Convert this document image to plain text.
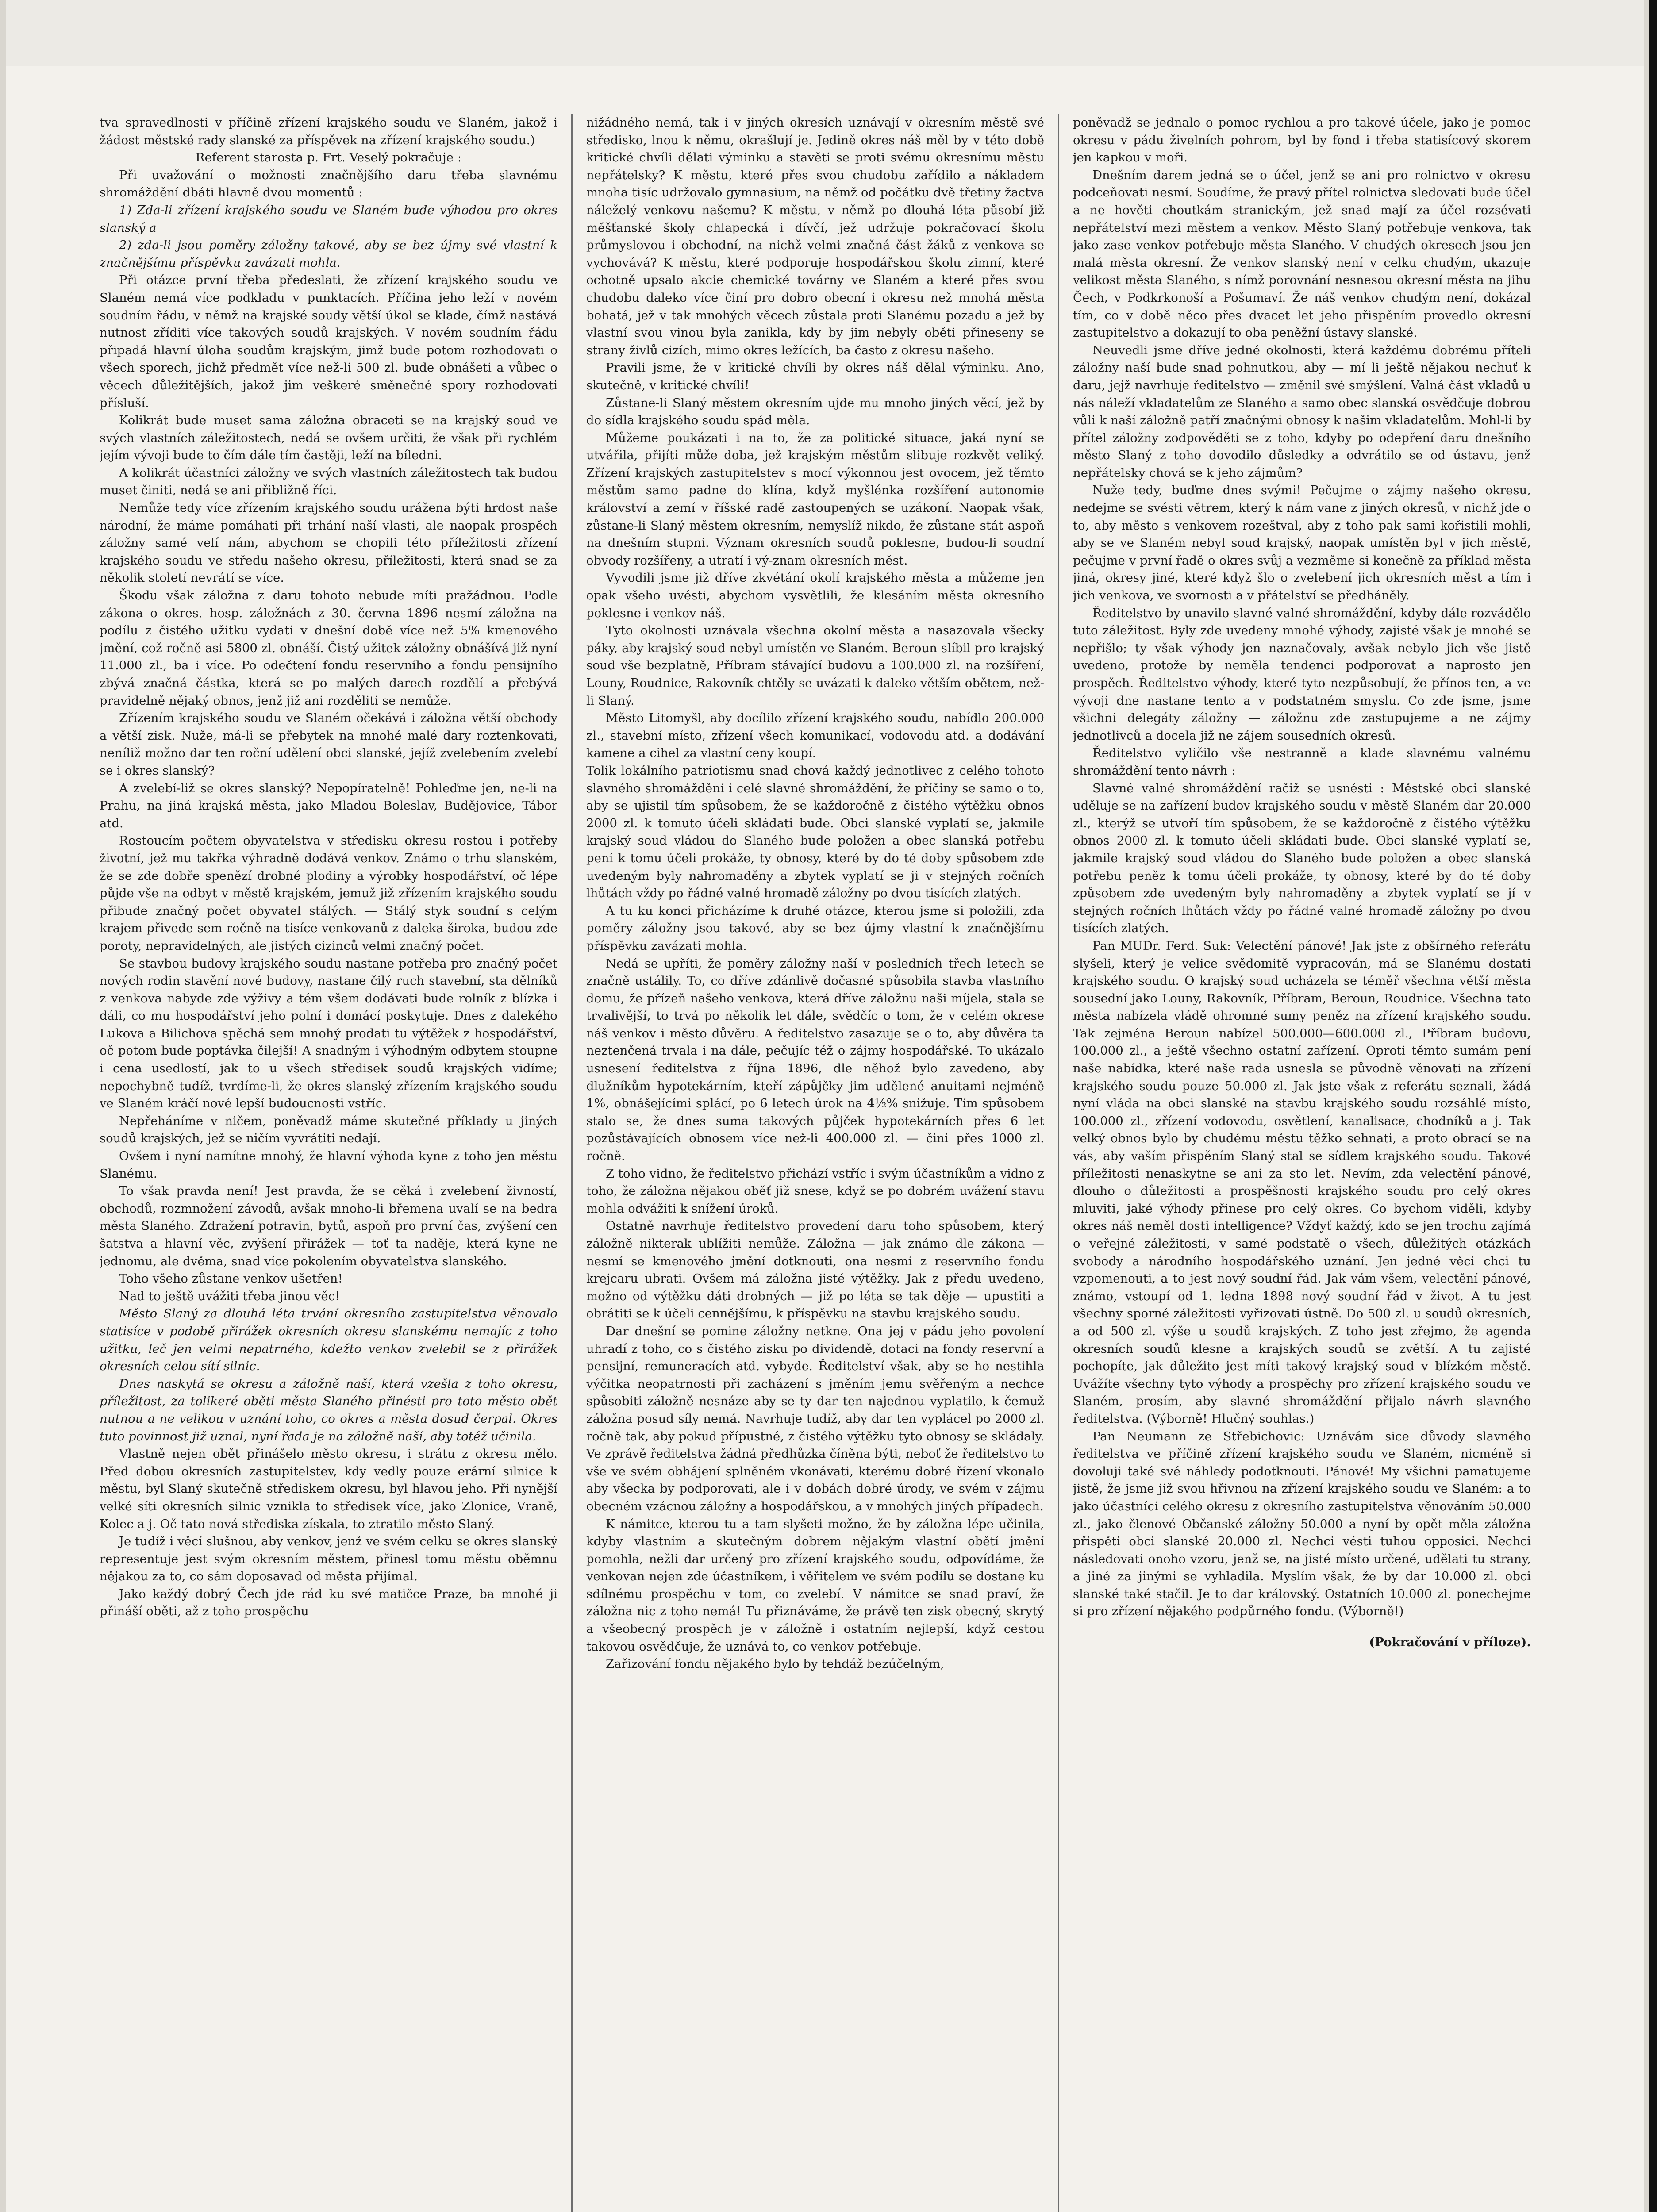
tva spravedlnosti v příčině zřízení krajského soudu ve Slaném, jakož i žádost městské rady slanské za příspěvek na zřízení krajského soudu.)

Referent starosta p. Frt. Veselý pokračuje :

Při uvažování o možnosti značnějšího daru třeba slavnému shromáždění dbáti hlavně dvou momentů :

1) Zda-li zřízení krajského soudu ve Slaném bude výhodou pro okres slanský a

2) zda-li jsou poměry záložny takové, aby se bez újmy své vlastní k značnějšímu příspěvku zavázati mohla.

Při otázce první třeba předeslati, že zřízení krajského soudu ve Slaném nemá více podkladu v punktacích. Příčina jeho leží v novém soudním řádu, v němž na krajské soudy větší úkol se klade, čímž nastává nutnost zříditi více takových soudů krajských. V novém soudním řádu připadá hlavní úloha soudům krajským, jimž bude potom rozhodovati o všech sporech, jichž předmět více než-li 500 zl. bude obnášeti a vůbec o věcech důležitějších, jakož jim veškeré směnečné spory rozhodovati přísluší.

Kolikrát bude muset sama záložna obraceti se na krajský soud ve svých vlastních záležitostech, nedá se ovšem určiti, že však při rychlém jejím vývoji bude to čím dále tím častěji, leží na bíledni.

A kolikrát účastníci záložny ve svých vlastních záležitostech tak budou muset činiti, nedá se ani přibližně říci.

Nemůže tedy více zřízením krajského soudu urážena býti hrdost naše národní, že máme pomáhati při trhání naší vlasti, ale naopak prospěch záložny samé velí nám, abychom se chopili této příležitosti zřízení krajského soudu ve středu našeho okresu, příležitosti, která snad se za několik století nevrátí se více.

Škodu však záložna z daru tohoto nebude míti pražádnou. Podle zákona o okres. hosp. záložnách z 30. června 1896 nesmí záložna na podílu z čistého užitku vydati v dnešní době více než 5% kmenového jmění, což ročně asi 5800 zl. obnáší. Čistý užitek záložny obnášívá již nyní 11.000 zl., ba i více. Po odečtení fondu reservního a fondu pensijního zbývá značná částka, která se po malých darech rozdělí a přebývá pravidelně nějaký obnos, jenž již ani rozděliti se nemůže.

Zřízením krajského soudu ve Slaném očekává i záložna větší obchody a větší zisk. Nuže, má-li se přebytek na mnohé malé dary roztenkovati, neníliž možno dar ten roční udělení obci slanské, jejíž zvelebením zvelebí se i okres slanský?

A zvelebí-liž se okres slanský? Nepopíratelně! Pohleďme jen, ne-li na Prahu, na jiná krajská města, jako Mladou Boleslav, Budějovice, Tábor atd.

Rostoucím počtem obyvatelstva v středisku okresu rostou i potřeby životní, jež mu takřka výhradně dodává venkov. Známo o trhu slanském, že se zde dobře spenězí drobné plodiny a výrobky hospodářství, oč lépe půjde vše na odbyt v městě krajském, jemuž již zřízením krajského soudu přibude značný počet obyvatel stálých. — Stálý styk soudní s celým krajem přivede sem ročně na tisíce venkovanů z daleka široka, budou zde poroty, nepravidelných, ale jistých cizinců velmi značný počet.

Se stavbou budovy krajského soudu nastane potřeba pro značný počet nových rodin stavění nové budovy, nastane čilý ruch stavební, sta dělníků z venkova nabyde zde výživy a tém všem dodávati bude rolník z blízka i dáli, co mu hospodářství jeho polní i domácí poskytuje. Dnes z dalekého Lukova a Bilichova spěchá sem mnohý prodati tu výtěžek z hospodářství, oč potom bude poptávka čilejší! A snadným i výhodným odbytem stoupne i cena usedlostí, jak to u všech středisek soudů krajských vidíme; nepochybně tudíž, tvrdíme-li, že okres slanský zřízením krajského soudu ve Slaném kráčí nové lepší budoucnosti vstříc.

Nepřeháníme v ničem, poněvadž máme skutečné příklady u jiných soudů krajských, jež se ničím vyvrátiti nedají.

Ovšem i nyní namítne mnohý, že hlavní výhoda kyne z toho jen městu Slanému.

To však pravda není! Jest pravda, že se cěká i zvelebení živností, obchodů, rozmnožení závodů, avšak mnoho-li břemena uvalí se na bedra města Slaného. Zdražení potravin, bytů, aspoň pro první čas, zvýšení cen šatstva a hlavní věc, zvýšení přirážek — toť ta naděje, která kyne ne jednomu, ale dvěma, snad více pokolením obyvatelstva slanského.

Toho všeho zůstane venkov ušetřen!

Nad to ještě uvážiti třeba jinou věc!

Město Slaný za dlouhá léta trvání okresního zastupitelstva věnovalo statisíce v podobě přirážek okresních okresu slanskému nemajíc z toho užitku, leč jen velmi nepatrného, kdežto venkov zvelebil se z přirážek okresních celou sítí silnic.

Dnes naskytá se okresu a záložně naší, která vzešla z toho okresu, příležitost, za tolikeré oběti města Slaného přinésti pro toto město obět nutnou a ne velikou v uznání toho, co okres a města dosud čerpal. Okres tuto povinnost již uznal, nyní řada je na záložně naší, aby totéž učinila.

Vlastně nejen obět přinášelo město okresu, i strátu z okresu mělo. Před dobou okresních zastupitelstev, kdy vedly pouze erární silnice k městu, byl Slaný skutečně střediskem okresu, byl hlavou jeho. Při nynější velké síti okresních silnic vznikla to středisek více, jako Zlonice, Vraně, Kolec a j. Oč tato nová střediska získala, to ztratilo město Slaný.

Je tudíž i věcí slušnou, aby venkov, jenž ve svém celku se okres slanský representuje jest svým okresním městem, přinesl tomu městu oběmnu nějakou za to, co sám doposavad od města přijímal.

Jako každý dobrý Čech jde rád ku své matičce Praze, ba mnohé ji přináší oběti, až z toho prospěchu

nižádného nemá, tak i v jiných okresích uznávají v okresním městě své středisko, lnou k němu, okrašlují je. Jedině okres náš měl by v této době kritické chvíli dělati výminku a stavěti se proti svému okresnímu městu nepřátelsky? K městu, které přes svou chudobu zařídilo a nákladem mnoha tisíc udržovalo gymnasium, na němž od počátku dvě třetiny žactva náleželý venkovu našemu? K městu, v němž po dlouhá léta působí již měšťanské školy chlapecká i dívčí, jež udržuje pokračovací školu průmyslovou i obchodní, na nichž velmi značná část žáků z venkova se vychovává? K městu, které podporuje hospodářskou školu zimní, které ochotně upsalo akcie chemické továrny ve Slaném a které přes svou chudobu daleko více činí pro dobro obecní i okresu než mnohá města bohatá, jež v tak mnohých věcech zůstala proti Slanému pozadu a jež by vlastní svou vinou byla zanikla, kdy by jim nebyly oběti přineseny se strany živlů cizích, mimo okres ležících, ba často z okresu našeho.

Pravili jsme, že v kritické chvíli by okres náš dělal výminku. Ano, skutečně, v kritické chvíli!

Zůstane-li Slaný městem okresním ujde mu mnoho jiných věcí, jež by do sídla krajského soudu spád měla.

Můžeme poukázati i na to, že za politické situace, jaká nyní se utvářila, přijíti může doba, jež krajským městům slibuje rozkvět veliký. Zřízení krajských zastupitelstev s mocí výkonnou jest ovocem, jež těmto městům samo padne do klína, když myšlénka rozšíření autonomie království a zemí v říšské radě zastoupených se uzákoní. Naopak však, zůstane-li Slaný městem okresním, nemyslíž nikdo, že zůstane stát aspoň na dnešním stupni. Význam okresních soudů poklesne, budou-li soudní obvody rozšířeny, a utratí i vý-znam okresních měst.

Vyvodili jsme již dříve zkvétání okolí krajského města a můžeme jen opak všeho uvésti, abychom vysvětlili, že klesáním města okresního poklesne i venkov náš.

Tyto okolnosti uznávala všechna okolní města a nasazovala všecky páky, aby krajský soud nebyl umístěn ve Slaném. Beroun slíbil pro krajský soud vše bezplatně, Příbram stávající budovu a 100.000 zl. na rozšíření, Louny, Roudnice, Rakovník chtěly se uvázati k daleko větším obětem, než-li Slaný.

Město Litomyšl, aby docílilo zřízení krajského soudu, nabídlo 200.000 zl., stavební místo, zřízení všech komunikací, vodovodu atd. a dodávání kamene a cihel za vlastní ceny koupí.

Tolik lokálního patriotismu snad chová každý jednotlivec z celého tohoto slavného shromáždění i celé slavné shromáždění, že příčiny se samo o to, aby se ujistil tím spůsobem, že se každoročně z čistého výtěžku obnos 2000 zl. k tomuto účeli skládati bude. Obci slanské vyplatí se, jakmile krajský soud vládou do Slaného bude položen a obec slanská potřebu pení k tomu účeli prokáže, ty obnosy, které by do té doby spůsobem zde uvedeným byly nahromaděny a zbytek vyplatí se ji v stejných ročních lhůtách vždy po řádné valné hromadě záložny po dvou tisících zlatých.

A tu ku konci přicházíme k druhé otázce, kterou jsme si položili, zda poměry záložny jsou takové, aby se bez újmy vlastní k značnějšímu příspěvku zavázati mohla.

Nedá se upříti, že poměry záložny naší v posledních třech letech se značně ustálily. To, co dříve zdánlivě dočasné spůsobila stavba vlastního domu, že přízeň našeho venkova, která dříve záložnu naši míjela, stala se trvalivější, to trvá po několik let dále, svědčíc o tom, že v celém okrese náš venkov i město důvěru. A ředitelstvo zasazuje se o to, aby důvěra ta neztenčená trvala i na dále, pečujíc též o zájmy hospodářské. To ukázalo usnesení ředitelstva z října 1896, dle něhož bylo zavedeno, aby dlužníkům hypotekárním, kteří zápůjčky jim udělené anuitami nejméně 1%, obnášejícími splácí, po 6 letech úrok na 4½% snižuje. Tím spůsobem stalo se, že dnes suma takových půjček hypotekárních přes 6 let pozůstávajících obnosem více než-li 400.000 zl. — čini přes 1000 zl. ročně.

Z toho vidno, že ředitelstvo přichází vstříc i svým účastníkům a vidno z toho, že záložna nějakou oběť již snese, když se po dobrém uvážení stavu mohla odvážiti k snížení úroků.

Ostatně navrhuje ředitelstvo provedení daru toho spůsobem, který záložně nikterak ublížiti nemůže. Záložna — jak známo dle zákona — nesmí se kmenového jmění dotknouti, ona nesmí z reservního fondu krejcaru ubrati. Ovšem má záložna jisté výtěžky. Jak z předu uvedeno, možno od výtěžku dáti drobných — již po léta se tak děje — upustiti a obrátiti se k účeli cennějšímu, k příspěvku na stavbu krajského soudu.

Dar dnešní se pomine záložny netkne. Ona jej v pádu jeho povolení uhradí z toho, co s čistého zisku po dividendě, dotaci na fondy reservní a pensijní, remuneracích atd. vybyde. Ředitelství však, aby se ho nestihla výčitka neopatrnosti při zacházení s jměním jemu svěřeným a nechce spůsobiti záložně nesnáze aby se ty dar ten najednou vyplatilo, k čemuž záložna posud síly nemá. Navrhuje tudíž, aby dar ten vyplácel po 2000 zl. ročně tak, aby pokud přípustné, z čistého výtěžku tyto obnosy se skládaly. Ve zprávě ředitelstva žádná předhůzka číněna býti, neboť že ředitelstvo to vše ve svém obhájení splněném vkonávati, kterému dobré řízení vkonalo aby všecka by podporovati, ale i v dobách dobré úrody, ve svém v zájmu obecném vzácnou záložny a hospodářskou, a v mnohých jiných případech.

K námitce, kterou tu a tam slyšeti možno, že by záložna lépe učinila, kdyby vlastním a skutečným dobrem nějakým vlastní obětí jmění pomohla, nežli dar určený pro zřízení krajského soudu, odpovídáme, že venkovan nejen zde účastníkem, i věřitelem ve svém podílu se dostane ku sdílnému prospěchu v tom, co zvelebí. V námitce se snad praví, že záložna nic z toho nemá! Tu přiznáváme, že právě ten zisk obecný, skrytý a všeobecný prospěch je v záložně i ostatním nejlepší, když cestou takovou osvědčuje, že uznává to, co venkov potřebuje.

Zařizování fondu nějakého bylo by tehdáž bezúčelným,

poněvadž se jednalo o pomoc rychlou a pro takové účele, jako je pomoc okresu v pádu živelních pohrom, byl by fond i třeba statisícový skorem jen kapkou v moři.

Dnešním darem jedná se o účel, jenž se ani pro rolnictvo v okresu podceňovati nesmí. Soudíme, že pravý přítel rolnictva sledovati bude účel a ne hověti choutkám stranickým, jež snad mají za účel rozsévati nepřátelství mezi městem a venkov. Město Slaný potřebuje venkova, tak jako zase venkov potřebuje města Slaného. V chudých okresech jsou jen malá města okresní. Že venkov slanský není v celku chudým, ukazuje velikost města Slaného, s nímž porovnání nesnesou okresní města na jihu Čech, v Podkrkonoší a Pošumaví. Že náš venkov chudým není, dokázal tím, co v době něco přes dvacet let jeho přispěním provedlo okresní zastupitelstvo a dokazují to oba peněžní ústavy slanské.

Neuvedli jsme dříve jedné okolnosti, která každému dobrému příteli záložny naší bude snad pohnutkou, aby — mí li ještě nějakou nechuť k daru, jejž navrhuje ředitelstvo — změnil své smýšlení. Valná část vkladů u nás náleží vkladatelům ze Slaného a samo obec slanská osvědčuje dobrou vůli k naší záložně patří značnými obnosy k našim vkladatelům. Mohl-li by přítel záložny zodpověděti se z toho, kdyby po odepření daru dnešního město Slaný z toho dovodilo důsledky a odvrátilo se od ústavu, jenž nepřátelsky chová se k jeho zájmům?

Nuže tedy, buďme dnes svými! Pečujme o zájmy našeho okresu, nedejme se svésti větrem, který k nám vane z jiných okresů, v nichž jde o to, aby město s venkovem rozeštval, aby z toho pak sami kořistili mohli, aby se ve Slaném nebyl soud krajský, naopak umístěn byl v jich městě, pečujme v první řadě o okres svůj a vezměme si konečně za příklad města jiná, okresy jiné, které když šlo o zvelebení jich okresních měst a tím i jich venkova, ve svornosti a v přátelství se předháněly.

Ředitelstvo by unavilo slavné valné shromáždění, kdyby dále rozvádělo tuto záležitost. Byly zde uvedeny mnohé výhody, zajisté však je mnohé se nepřišlo; ty však výhody jen naznačovaly, avšak nebylo jich vše jistě uvedeno, protože by neměla tendenci podporovat a naprosto jen prospěch. Ředitelstvo výhody, které tyto nezpůsobují, že přínos ten, a ve vývoji dne nastane tento a v podstatném smyslu. Co zde jsme, jsme všichni delegáty záložny — záložnu zde zastupujeme a ne zájmy jednotlivců a docela již ne zájem sousedních okresů.

Ředitelstvo vyličilo vše nestranně a klade slavnému valnému shromáždění tento návrh :

Slavné valné shromáždění račiž se usnésti : Městské obci slanské uděluje se na zařízení budov krajského soudu v městě Slaném dar 20.000 zl., kterýž se utvoří tím spůsobem, že se každoročně z čistého výtěžku obnos 2000 zl. k tomuto účeli skládati bude. Obci slanské vyplatí se, jakmile krajský soud vládou do Slaného bude položen a obec slanská potřebu peněz k tomu účeli prokáže, ty obnosy, které by do té doby způsobem zde uvedeným byly nahromaděny a zbytek vyplatí se jí v stejných ročních lhůtách vždy po řádné valné hromadě záložny po dvou tisících zlatých.

Pan MUDr. Ferd. Suk: Velectění pánové! Jak jste z obšírného referátu slyšeli, který je velice svědomitě vypracován, má se Slanému dostati krajského soudu. O krajský soud ucházela se téměř všechna větší města sousední jako Louny, Rakovník, Příbram, Beroun, Roudnice. Všechna tato města nabízela vládě ohromné sumy peněz na zřízení krajského soudu. Tak zejména Beroun nabízel 500.000—600.000 zl., Příbram budovu, 100.000 zl., a ještě všechno ostatní zařízení. Oproti těmto sumám pení naše nabídka, které naše rada usnesla se původně věnovati na zřízení krajského soudu pouze 50.000 zl. Jak jste však z referátu seznali, žádá nyní vláda na obci slanské na stavbu krajského soudu rozsáhlé místo, 100.000 zl., zřízení vodovodu, osvětlení, kanalisace, chodníků a j. Tak velký obnos bylo by chudému městu těžko sehnati, a proto obrací se na vás, aby vaším přispěním Slaný stal se sídlem krajského soudu. Takové příležitosti nenaskytne se ani za sto let. Nevím, zda velectění pánové, dlouho o důležitosti a prospěšnosti krajského soudu pro celý okres mluviti, jaké výhody přinese pro celý okres. Co bychom viděli, kdyby okres náš neměl dosti intelligence? Vždyť každý, kdo se jen trochu zajímá o veřejné záležitosti, v samé podstatě o všech, důležitých otázkách svobody a národního hospodářského uznání. Jen jedné věci chci tu vzpomenouti, a to jest nový soudní řád. Jak vám všem, velectění pánové, známo, vstoupí od 1. ledna 1898 nový soudní řád v život. A tu jest všechny sporné záležitosti vyřizovati ústně. Do 500 zl. u soudů okresních, a od 500 zl. výše u soudů krajských. Z toho jest zřejmo, že agenda okresních soudů klesne a krajských soudů se zvětší. A tu zajisté pochopíte, jak důležito jest míti takový krajský soud v blízkém městě. Uvážíte všechny tyto výhody a prospěchy pro zřízení krajského soudu ve Slaném, prosím, aby slavné shromáždění přijalo návrh slavného ředitelstva. (Výborně! Hlučný souhlas.)

Pan Neumann ze Střebichovic: Uznávám sice důvody slavného ředitelstva ve příčině zřízení krajského soudu ve Slaném, nicméně si dovoluji také své náhledy podotknouti. Pánové! My všichni pamatujeme jistě, že jsme již svou hřivnou na zřízení krajského soudu ve Slaném: a to jako účastníci celého okresu z okresního zastupitelstva věnováním 50.000 zl., jako členové Občanské záložny 50.000 a nyní by opět měla záložna přispěti obci slanské 20.000 zl. Nechci vésti tuhou opposici. Nechci následovati onoho vzoru, jenž se, na jisté místo určené, udělati tu strany, a jiné za jinými se vyhladila. Myslím však, že by dar 10.000 zl. obci slanské také stačil. Je to dar královský. Ostatních 10.000 zl. ponechejme si pro zřízení nějakého podpůrného fondu. (Výborně!)

(Pokračování v příloze).
